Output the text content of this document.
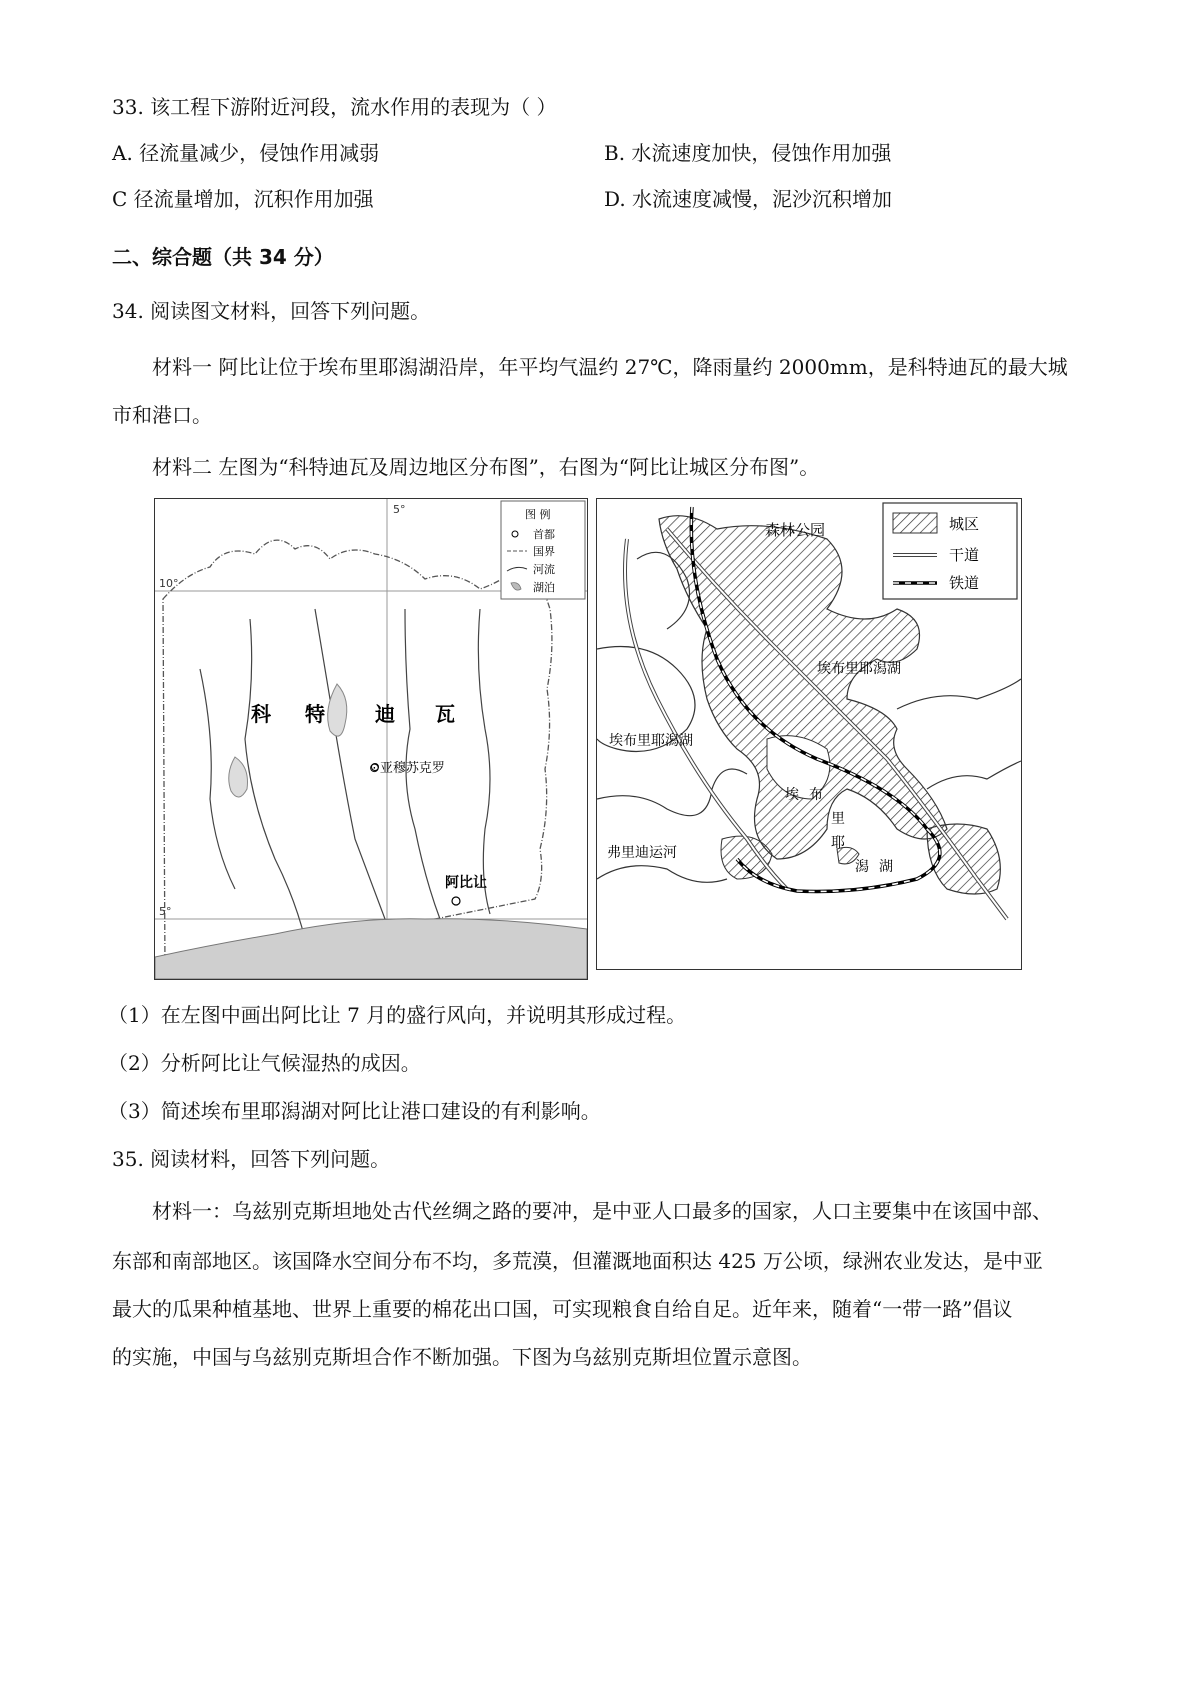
33. 该工程下游附近河段，流水作用的表现为（ ）
A. 径流量减少，侵蚀作用减弱	B. 水流速度加快，侵蚀作用加强
C 径流量增加，沉积作用加强	D. 水流速度减慢，泥沙沉积增加
二、综合题（共 34 分）
34. 阅读图文材料，回答下列问题。
材料一 阿比让位于埃布里耶潟湖沿岸，年平均气温约 27℃，降雨量约 2000mm，是科特迪瓦的最大城
市和港口。
材料二 左图为“科特迪瓦及周边地区分布图”，右图为“阿比让城区分布图”。
科 特	迪 瓦
⊙亚穆苏克罗
阿比让
5°
10°
5°
图 例
首都
国界
河流
湖泊
森林公园
埃布里耶潟湖
埃布里耶潟湖
弗里迪运河
埃 布
里
耶
潟 湖
城区
干道
铁道
（1）在左图中画出阿比让 7 月的盛行风向，并说明其形成过程。
（2）分析阿比让气候湿热的成因。
（3）简述埃布里耶潟湖对阿比让港口建设的有利影响。
35. 阅读材料，回答下列问题。
材料一：乌兹别克斯坦地处古代丝绸之路的要冲，是中亚人口最多的国家，人口主要集中在该国中部、
东部和南部地区。该国降水空间分布不均，多荒漠，但灌溉地面积达 425 万公顷，绿洲农业发达，是中亚
最大的瓜果种植基地、世界上重要的棉花出口国，可实现粮食自给自足。近年来，随着“一带一路”倡议
的实施，中国与乌兹别克斯坦合作不断加强。下图为乌兹别克斯坦位置示意图。
